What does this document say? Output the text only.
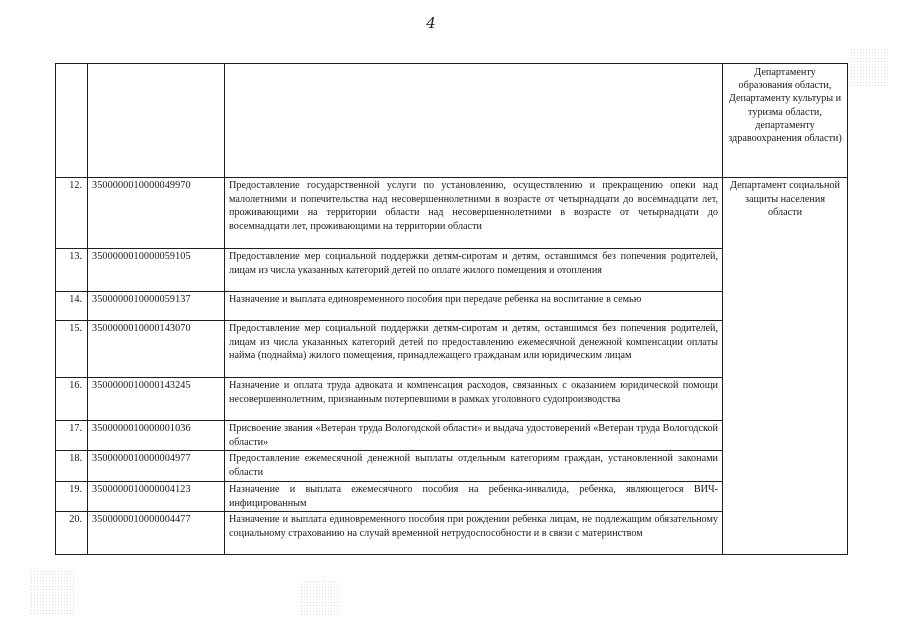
4
			Департаменту образования области, Департаменту культуры и туризма области, департаменту здравоохранения области)
12.	3500000010000049970	Предоставление государственной услуги по установлению, осуществлению и прекращению опеки над малолетними и попечительства над несовершеннолетними в возрасте от четырнадцати до восемнадцати лет, проживающими на территории области над несовершеннолетними в возрасте от четырнадцати до восемнадцати лет, проживающими на территории области	Департамент социальной защиты населения области
13.	3500000010000059105	Предоставление мер социальной поддержки детям-сиротам и детям, оставшимся без попечения родителей, лицам из числа указанных категорий детей по оплате жилого помещения и отопления	
14.	3500000010000059137	Назначение и выплата единовременного пособия при передаче ребенка на воспитание в семью	
15.	3500000010000143070	Предоставление мер социальной поддержки детям-сиротам и детям, оставшимся без попечения родителей, лицам из числа указанных категорий детей по предоставлению ежемесячной денежной компенсации оплаты найма (поднайма) жилого помещения, принадлежащего гражданам или юридическим лицам	
16.	3500000010000143245	Назначение и оплата труда адвоката и компенсация расходов, связанных с оказанием юридической помощи несовершеннолетним, признанным потерпевшими в рамках уголовного судопроизводства	
17.	3500000010000001036	Присвоение звания «Ветеран труда Вологодской области» и выдача удостоверений «Ветеран труда Вологодской области»	
18.	3500000010000004977	Предоставление ежемесячной денежной выплаты отдельным категориям граждан, установленной законами области	
19.	3500000010000004123	Назначение и выплата ежемесячного пособия на ребенка-инвалида, ребенка, являющегося ВИЧ-инфицированным	
20.	3500000010000004477	Назначение и выплата единовременного пособия при рождении ребенка лицам, не подлежащим обязательному социальному страхованию на случай временной нетрудоспособности и в связи с материнством	
